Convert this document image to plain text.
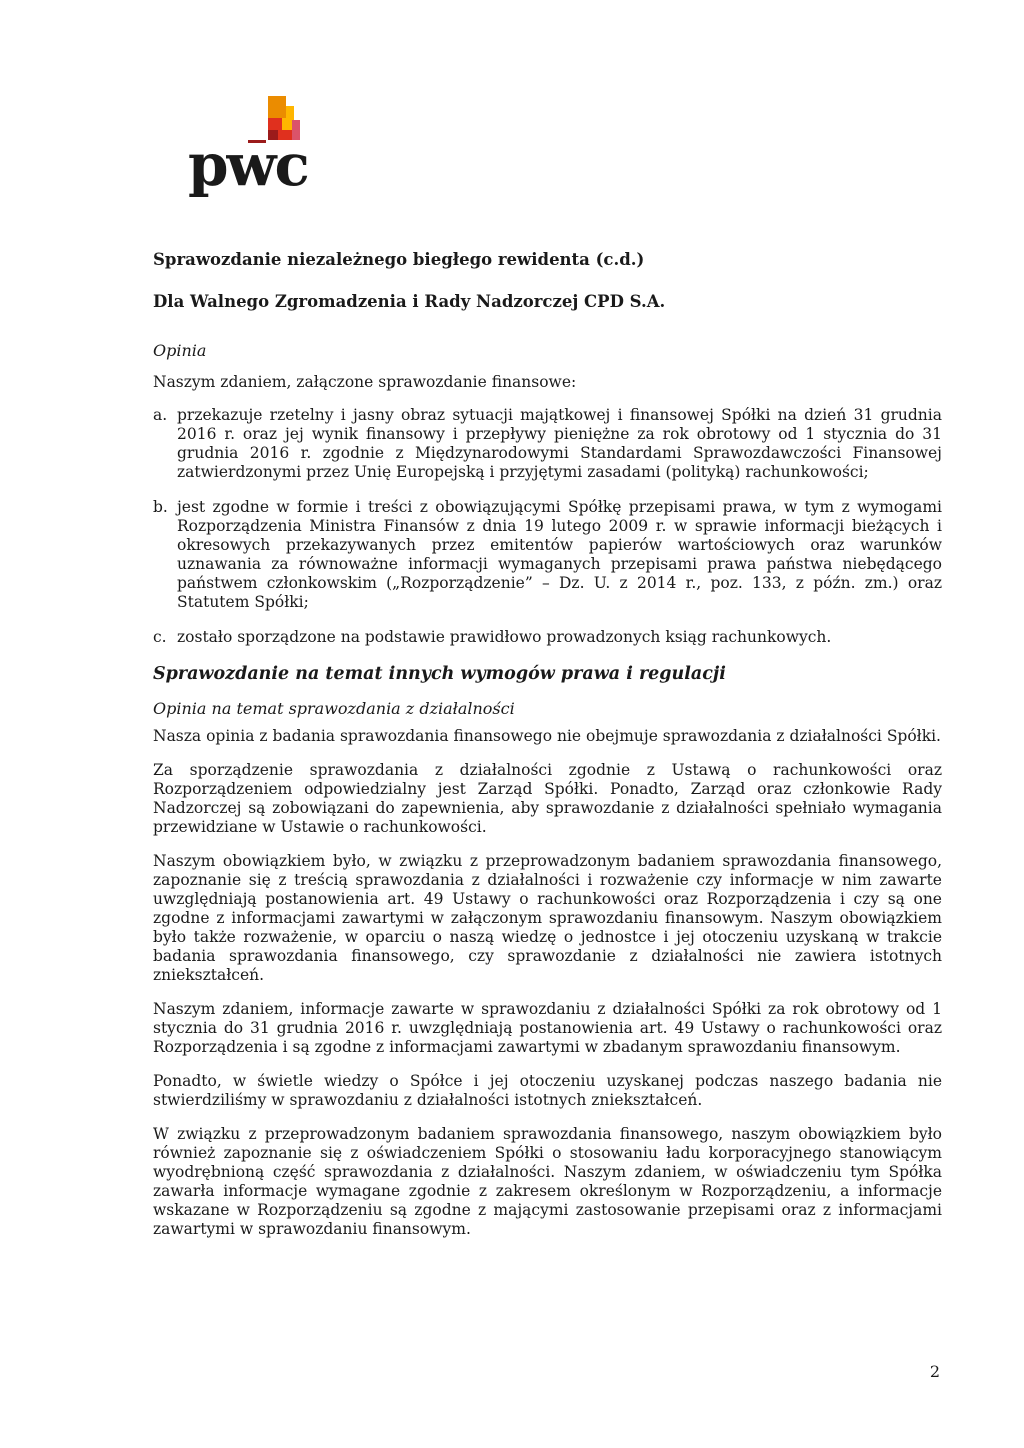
pwc
Sprawozdanie niezależnego biegłego rewidenta (c.d.)
Dla Walnego Zgromadzenia i Rady Nadzorczej CPD S.A.
Opinia

Naszym zdaniem, załączone sprawozdanie finansowe:

a. przekazuje rzetelny i jasny obraz sytuacji majątkowej i finansowej Spółki na dzień 31 grudnia 2016 r. oraz jej wynik finansowy i przepływy pieniężne za rok obrotowy od 1 stycznia do 31 grudnia 2016 r. zgodnie z Międzynarodowymi Standardami Sprawozdawczości Finansowej zatwierdzonymi przez Unię Europejską i przyjętymi zasadami (polityką) rachunkowości;
b. jest zgodne w formie i treści z obowiązującymi Spółkę przepisami prawa, w tym z wymogami Rozporządzenia Ministra Finansów z dnia 19 lutego 2009 r. w sprawie informacji bieżących i okresowych przekazywanych przez emitentów papierów wartościowych oraz warunków uznawania za równoważne informacji wymaganych przepisami prawa państwa niebędącego państwem członkowskim („Rozporządzenie” – Dz. U. z 2014 r., poz. 133, z późn. zm.) oraz Statutem Spółki;
c. zostało sporządzone na podstawie prawidłowo prowadzonych ksiąg rachunkowych.
Sprawozdanie na temat innych wymogów prawa i regulacji
Opinia na temat sprawozdania z działalności

Nasza opinia z badania sprawozdania finansowego nie obejmuje sprawozdania z działalności Spółki.

Za sporządzenie sprawozdania z działalności zgodnie z Ustawą o rachunkowości oraz Rozporządzeniem odpowiedzialny jest Zarząd Spółki. Ponadto, Zarząd oraz członkowie Rady Nadzorczej są zobowiązani do zapewnienia, aby sprawozdanie z działalności spełniało wymagania przewidziane w Ustawie o rachunkowości.

Naszym obowiązkiem było, w związku z przeprowadzonym badaniem sprawozdania finansowego, zapoznanie się z treścią sprawozdania z działalności i rozważenie czy informacje w nim zawarte uwzględniają postanowienia art. 49 Ustawy o rachunkowości oraz Rozporządzenia i czy są one zgodne z informacjami zawartymi w załączonym sprawozdaniu finansowym. Naszym obowiązkiem było także rozważenie, w oparciu o naszą wiedzę o jednostce i jej otoczeniu uzyskaną w trakcie badania sprawozdania finansowego, czy sprawozdanie z działalności nie zawiera istotnych zniekształceń.

Naszym zdaniem, informacje zawarte w sprawozdaniu z działalności Spółki za rok obrotowy od 1 stycznia do 31 grudnia 2016 r. uwzględniają postanowienia art. 49 Ustawy o rachunkowości oraz Rozporządzenia i są zgodne z informacjami zawartymi w zbadanym sprawozdaniu finansowym.

Ponadto, w świetle wiedzy o Spółce i jej otoczeniu uzyskanej podczas naszego badania nie stwierdziliśmy w sprawozdaniu z działalności istotnych zniekształceń.

W związku z przeprowadzonym badaniem sprawozdania finansowego, naszym obowiązkiem było również zapoznanie się z oświadczeniem Spółki o stosowaniu ładu korporacyjnego stanowiącym wyodrębnioną część sprawozdania z działalności. Naszym zdaniem, w oświadczeniu tym Spółka zawarła informacje wymagane zgodnie z zakresem określonym w Rozporządzeniu, a informacje wskazane w Rozporządzeniu są zgodne z mającymi zastosowanie przepisami oraz z informacjami zawartymi w sprawozdaniu finansowym.

2
